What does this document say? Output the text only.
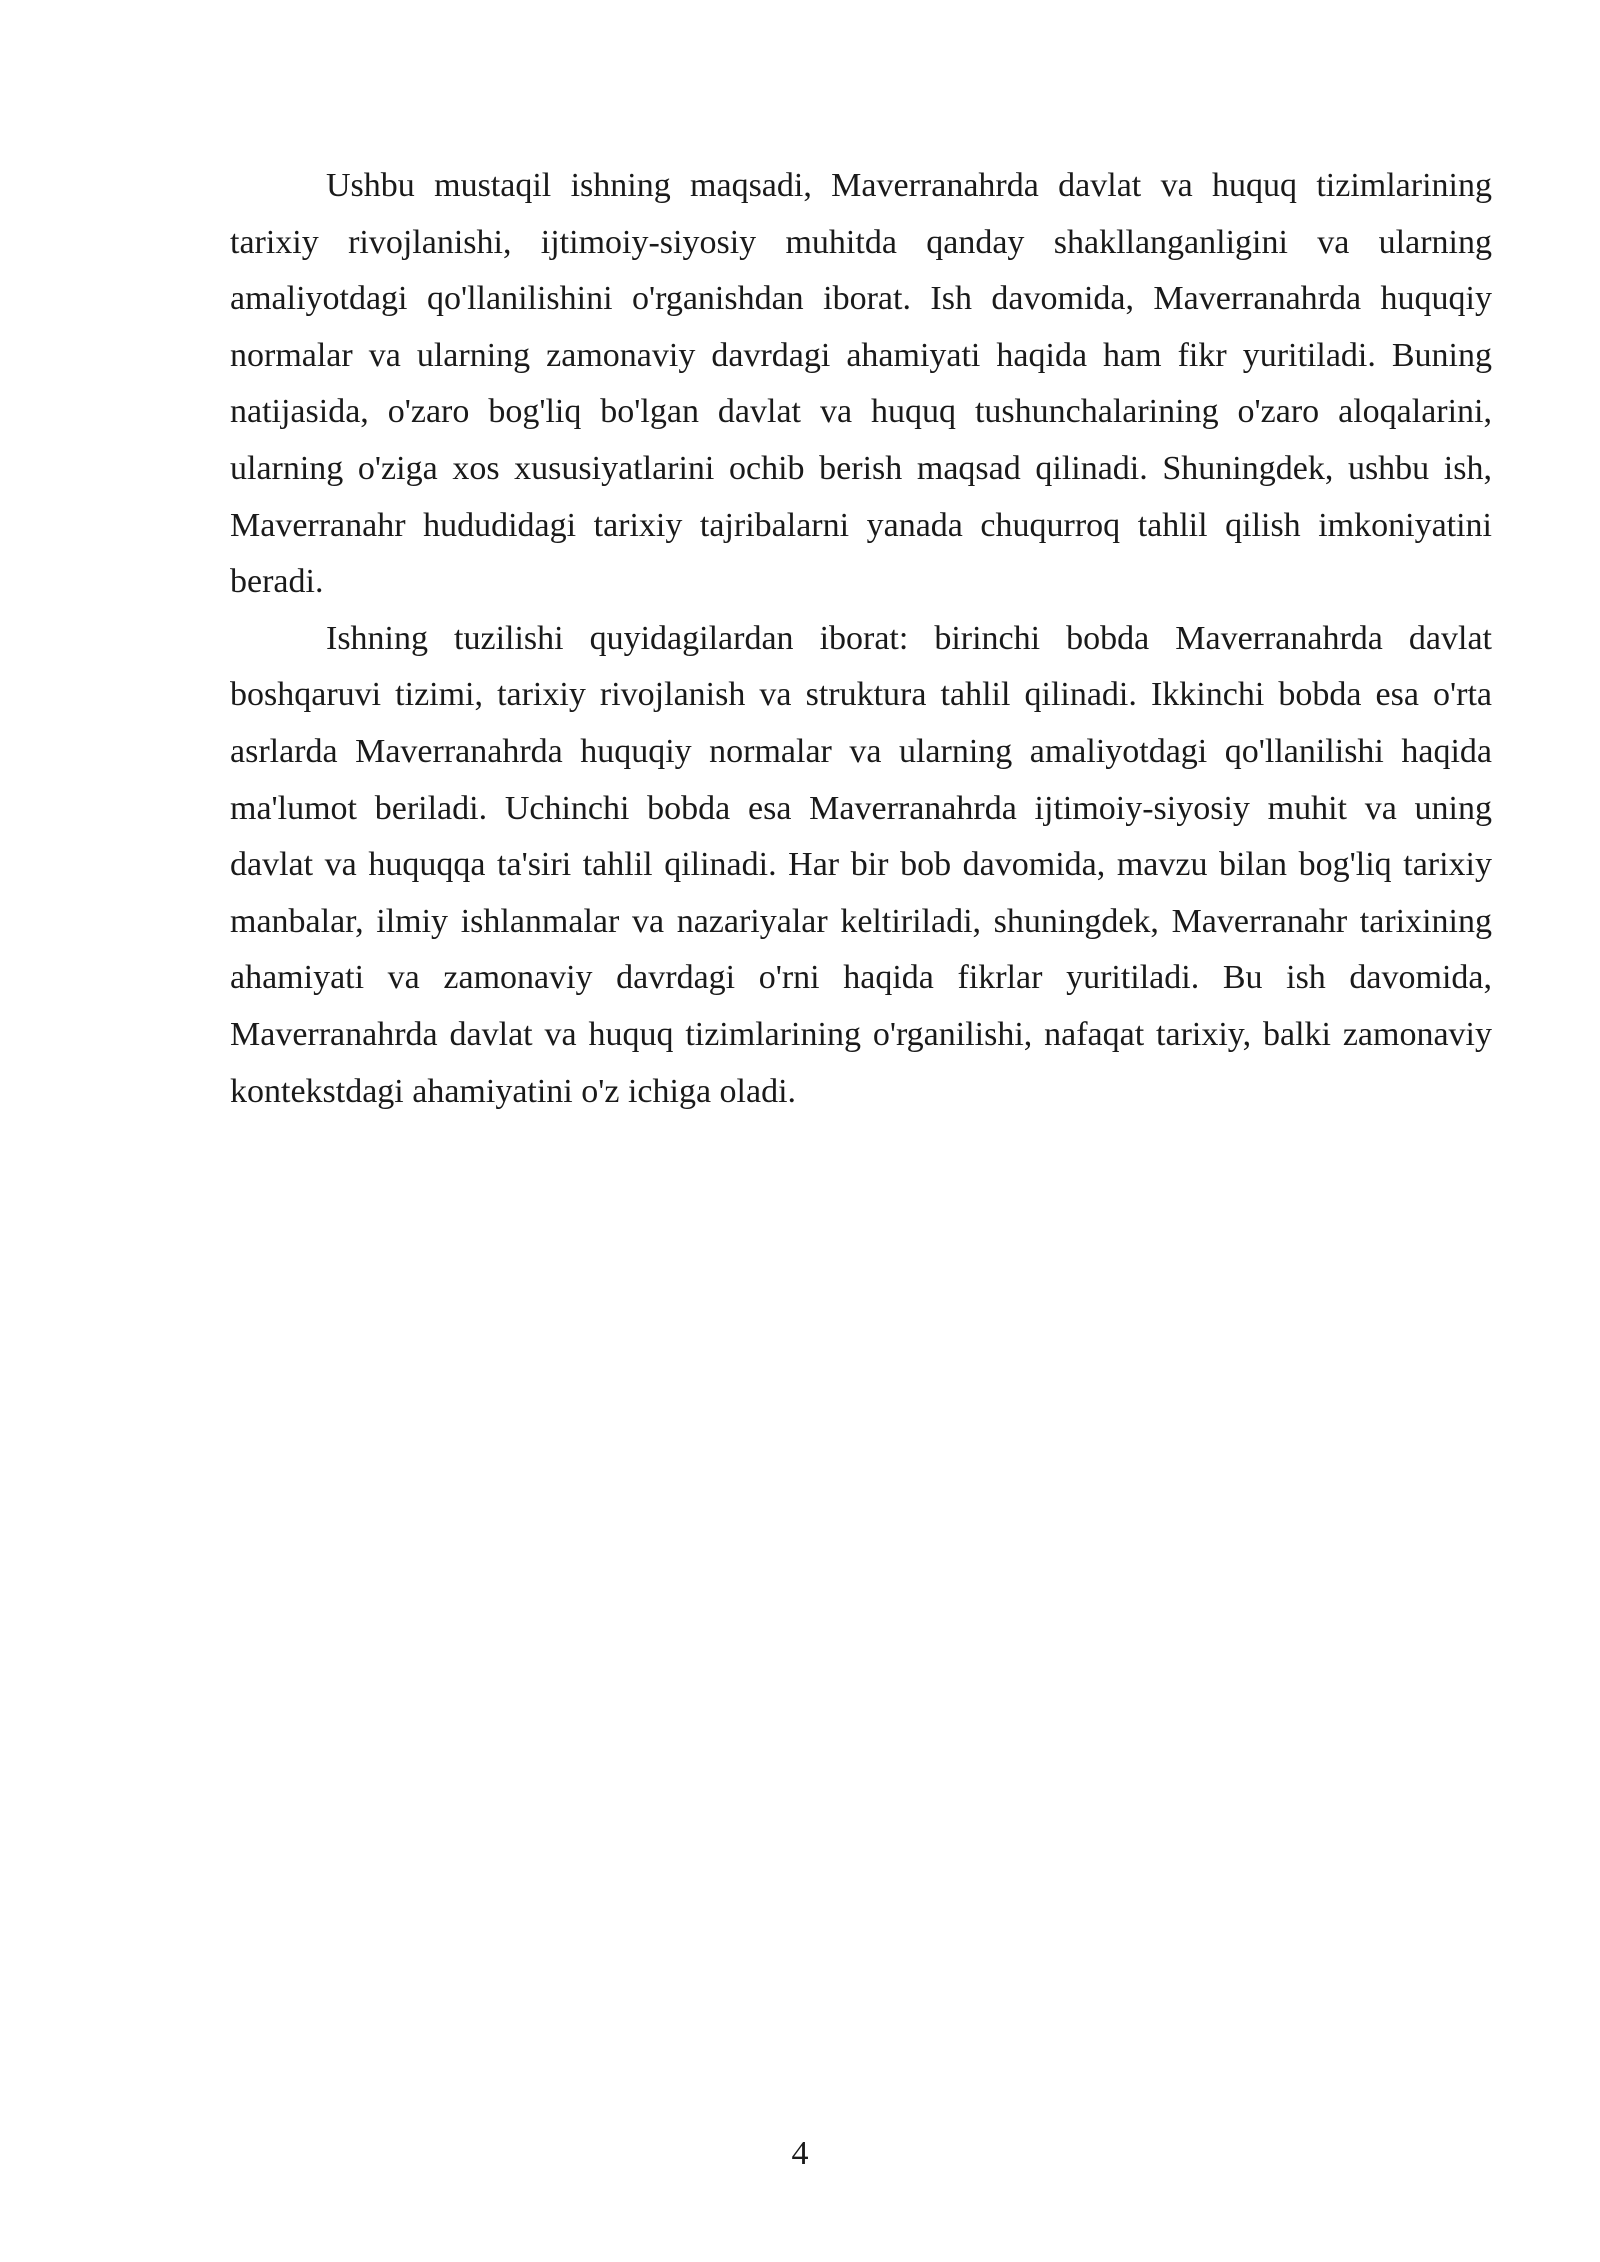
Ushbu mustaqil ishning maqsadi, Maverranahrda davlat va huquq tizimlarining tarixiy rivojlanishi, ijtimoiy-siyosiy muhitda qanday shakllanganligini va ularning amaliyotdagi qo'llanilishini o'rganishdan iborat. Ish davomida, Maverranahrda huquqiy normalar va ularning zamonaviy davrdagi ahamiyati haqida ham fikr yuritiladi. Buning natijasida, o'zaro bog'liq bo'lgan davlat va huquq tushunchalarining o'zaro aloqalarini, ularning o'ziga xos xususiyatlarini ochib berish maqsad qilinadi. Shuningdek, ushbu ish, Maverranahr hududidagi tarixiy tajribalarni yanada chuqurroq tahlil qilish imkoniyatini beradi.

Ishning tuzilishi quyidagilardan iborat: birinchi bobda Maverranahrda davlat boshqaruvi tizimi, tarixiy rivojlanish va struktura tahlil qilinadi. Ikkinchi bobda esa o'rta asrlarda Maverranahrda huquqiy normalar va ularning amaliyotdagi qo'llanilishi haqida ma'lumot beriladi. Uchinchi bobda esa Maverranahrda ijtimoiy-siyosiy muhit va uning davlat va huquqqa ta'siri tahlil qilinadi. Har bir bob davomida, mavzu bilan bog'liq tarixiy manbalar, ilmiy ishlanmalar va nazariyalar keltiriladi, shuningdek, Maverranahr tarixining ahamiyati va zamonaviy davrdagi o'rni haqida fikrlar yuritiladi. Bu ish davomida, Maverranahrda davlat va huquq tizimlarining o'rganilishi, nafaqat tarixiy, balki zamonaviy kontekstdagi ahamiyatini o'z ichiga oladi.

4
